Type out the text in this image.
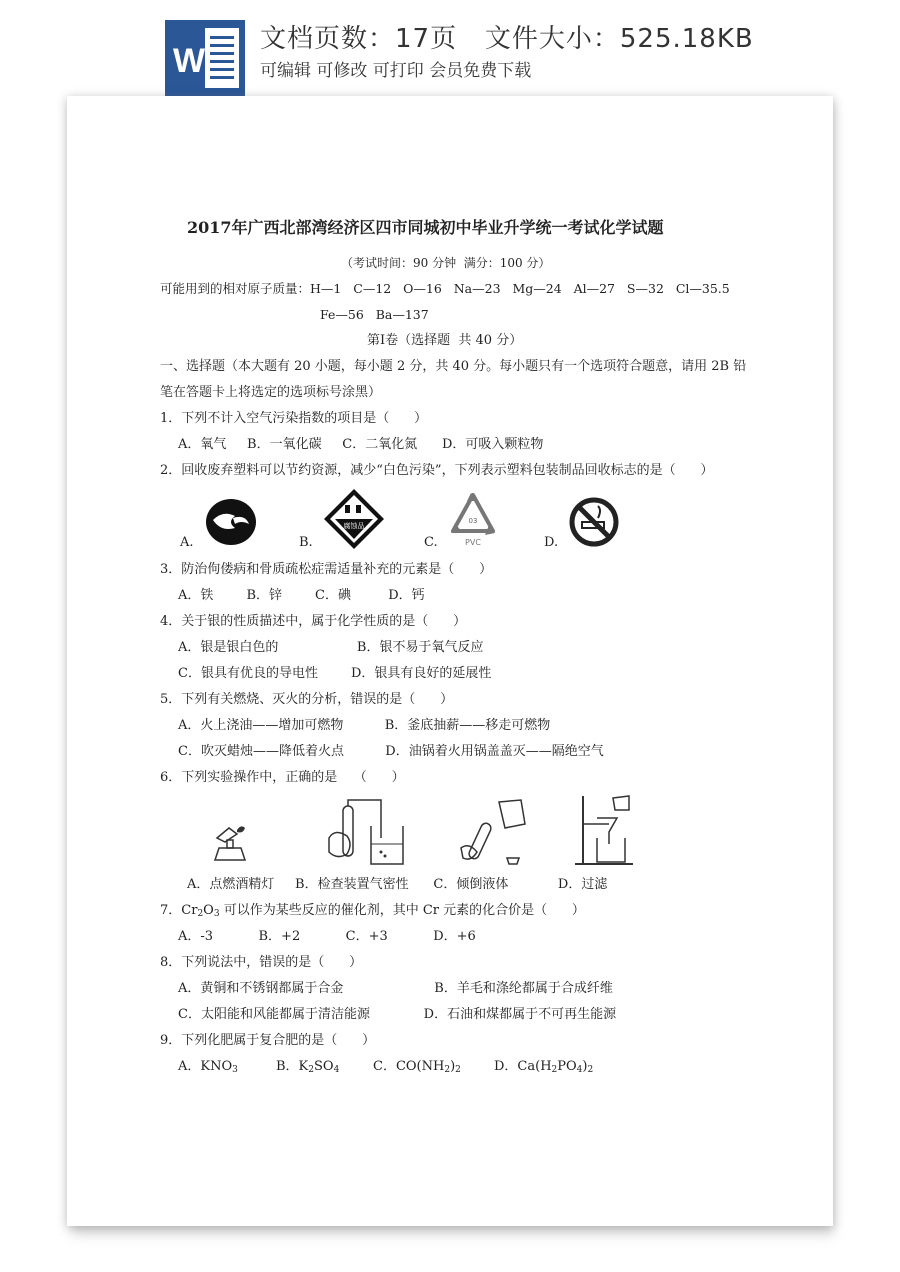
W
文档页数：17页   文件大小：525.18KB
可编辑 可修改 可打印 会员免费下载
2017年广西北部湾经济区四市同城初中毕业升学统一考试化学试题
（考试时间：90 分钟  满分：100 分）
可能用到的相对原子质量：H—1   C—12   O—16   Na—23   Mg—24   Al—27   S—32   Cl—35.5
Fe—56   Ba—137
第Ⅰ卷（选择题  共 40 分）
一、选择题（本大题有 20 小题，每小题 2 分，共 40 分。每小题只有一个选项符合题意，请用 2B 铅
笔在答题卡上将选定的选项标号涂黑）
1．下列不计入空气污染指数的项目是（      ）
A．氧气     B．一氧化碳     C．二氧化氮      D．可吸入颗粒物
2．回收废弃塑料可以节约资源，减少“白色污染”，下列表示塑料包装制品回收标志的是（      ）
A.	B.
腐蚀品
C.
03
PVC	D.
3．防治佝偻病和骨质疏松症需适量补充的元素是（      ）
A．铁        B．锌        C．碘         D．钙
4．关于银的性质描述中，属于化学性质的是（      ）
A．银是银白色的                   B．银不易于氧气反应
C．银具有优良的导电性        D．银具有良好的延展性
5．下列有关燃烧、灭火的分析，错误的是（      ）
A．火上浇油——增加可燃物          B．釜底抽薪——移走可燃物
C．吹灭蜡烛——降低着火点          D．油锅着火用锅盖盖灭——隔绝空气
6．下列实验操作中，正确的是    （      ）
A．点燃酒精灯     B．检查装置气密性      C．倾倒液体            D．过滤
7．$Cr_2O_3$ 可以作为某些反应的催化剂，其中 Cr 元素的化合价是（      ）
A．-3           B．+2           C．+3           D．+6
8．下列说法中，错误的是（      ）
A．黄铜和不锈钢都属于合金                      B．羊毛和涤纶都属于合成纤维
C．太阳能和风能都属于清洁能源             D．石油和煤都属于不可再生能源
9．下列化肥属于复合肥的是（      ）
A．$KNO_3$	B．$K_2SO_4$	C．$CO(NH_2)_2$	D．$Ca(H_2PO_4)_2$
